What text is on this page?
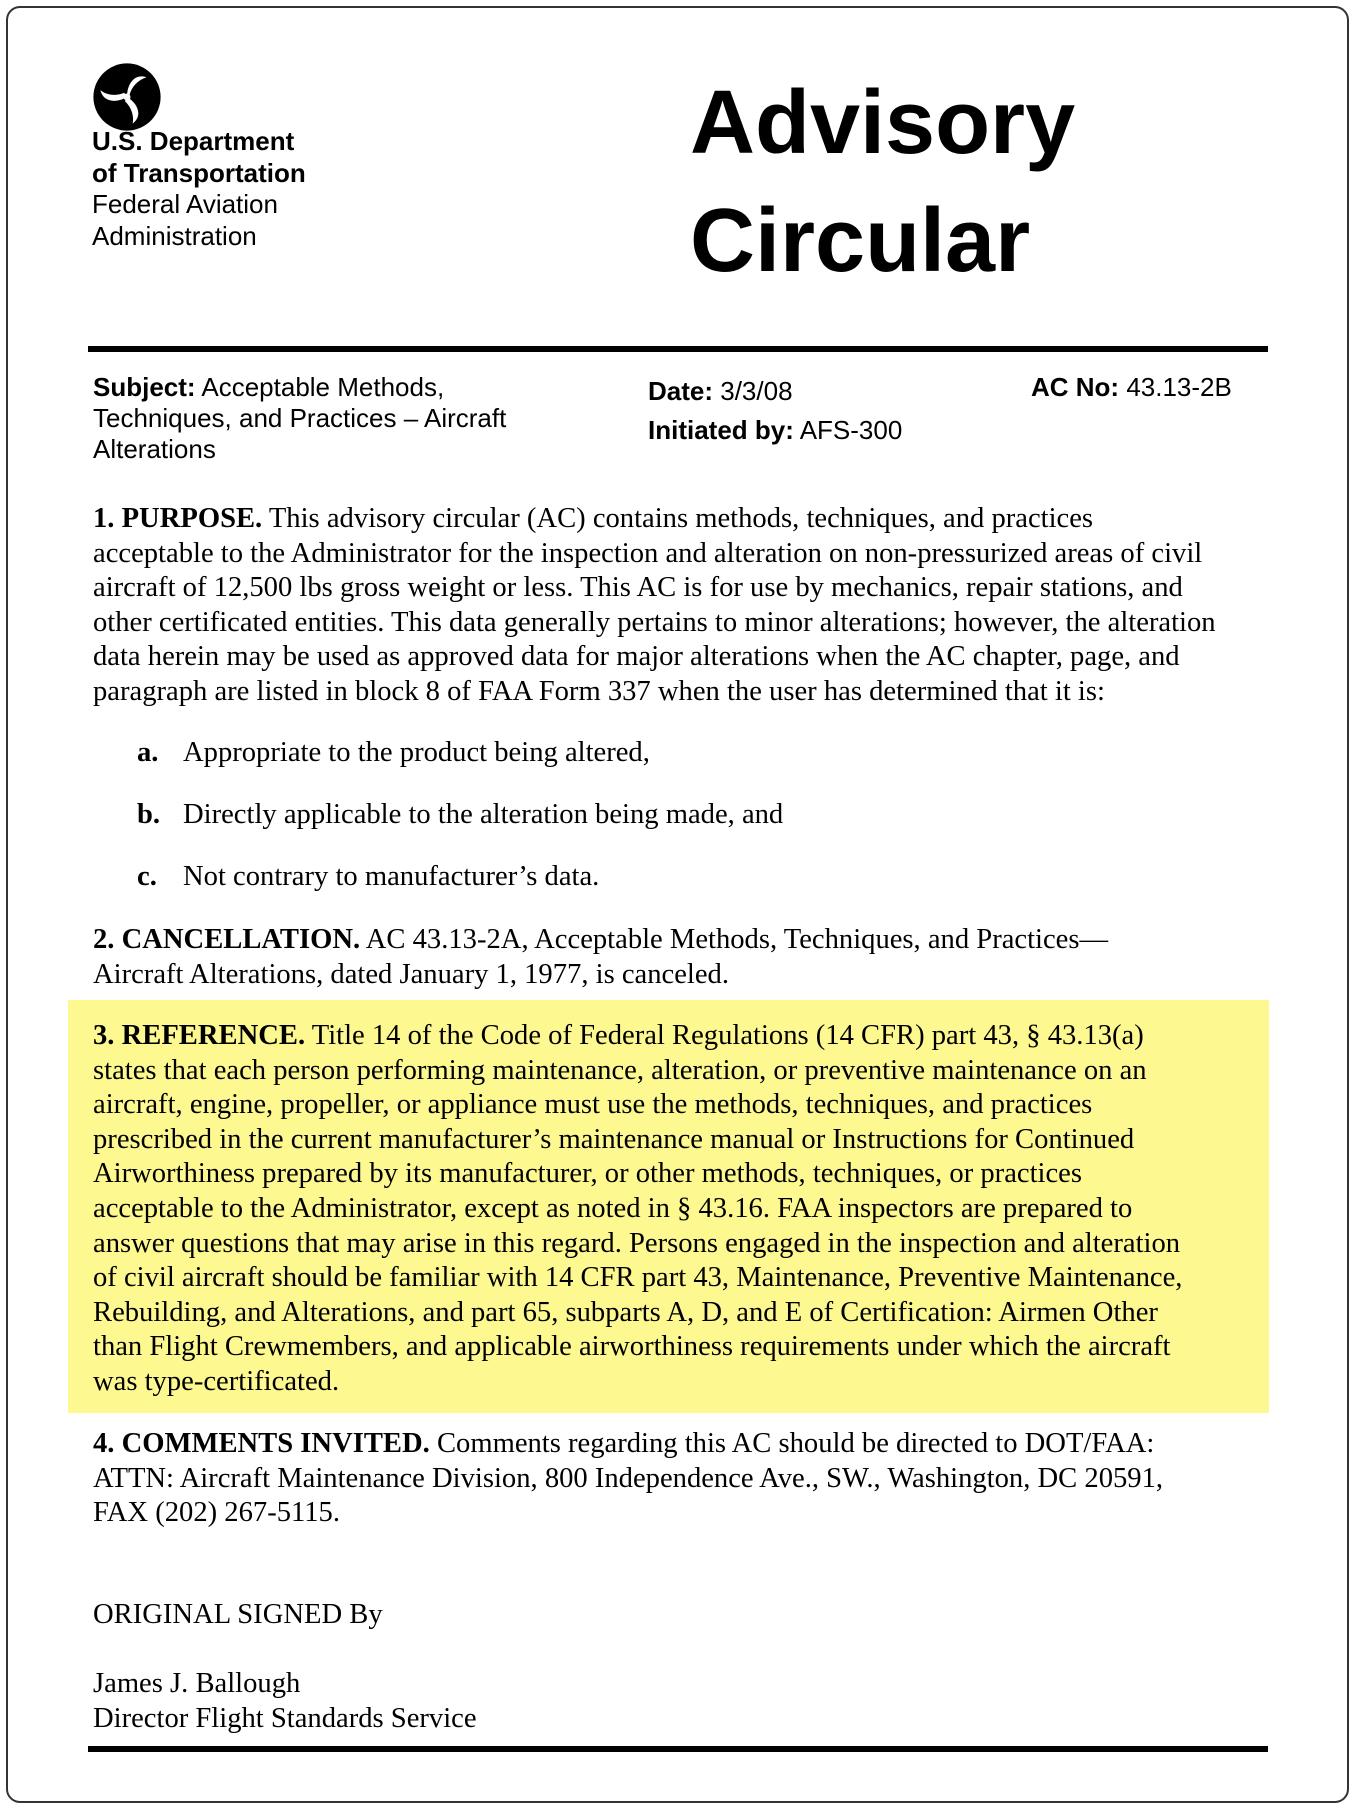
U.S. Department
of Transportation
Federal Aviation
Administration
Advisory
Circular
Subject: Acceptable Methods,
Techniques, and Practices – Aircraft
Alterations
Date: 3/3/08
Initiated by: AFS-300
AC No: 43.13-2B
1. PURPOSE. This advisory circular (AC) contains methods, techniques, and practices
acceptable to the Administrator for the inspection and alteration on non-pressurized areas of civil
aircraft of 12,500 lbs gross weight or less. This AC is for use by mechanics, repair stations, and
other certificated entities. This data generally pertains to minor alterations; however, the alteration
data herein may be used as approved data for major alterations when the AC chapter, page, and
paragraph are listed in block 8 of FAA Form 337 when the user has determined that it is:
a. Appropriate to the product being altered,
b. Directly applicable to the alteration being made, and
c. Not contrary to manufacturer’s data.
2. CANCELLATION. AC 43.13-2A, Acceptable Methods, Techniques, and Practices—
Aircraft Alterations, dated January 1, 1977, is canceled.
3. REFERENCE. Title 14 of the Code of Federal Regulations (14 CFR) part 43, § 43.13(a)
states that each person performing maintenance, alteration, or preventive maintenance on an
aircraft, engine, propeller, or appliance must use the methods, techniques, and practices
prescribed in the current manufacturer’s maintenance manual or Instructions for Continued
Airworthiness prepared by its manufacturer, or other methods, techniques, or practices
acceptable to the Administrator, except as noted in § 43.16. FAA inspectors are prepared to
answer questions that may arise in this regard. Persons engaged in the inspection and alteration
of civil aircraft should be familiar with 14 CFR part 43, Maintenance, Preventive Maintenance,
Rebuilding, and Alterations, and part 65, subparts A, D, and E of Certification: Airmen Other
than Flight Crewmembers, and applicable airworthiness requirements under which the aircraft
was type-certificated.
4. COMMENTS INVITED. Comments regarding this AC should be directed to DOT/FAA:
ATTN: Aircraft Maintenance Division, 800 Independence Ave., SW., Washington, DC 20591,
FAX (202) 267-5115.
ORIGINAL SIGNED By
James J. Ballough
Director Flight Standards Service
